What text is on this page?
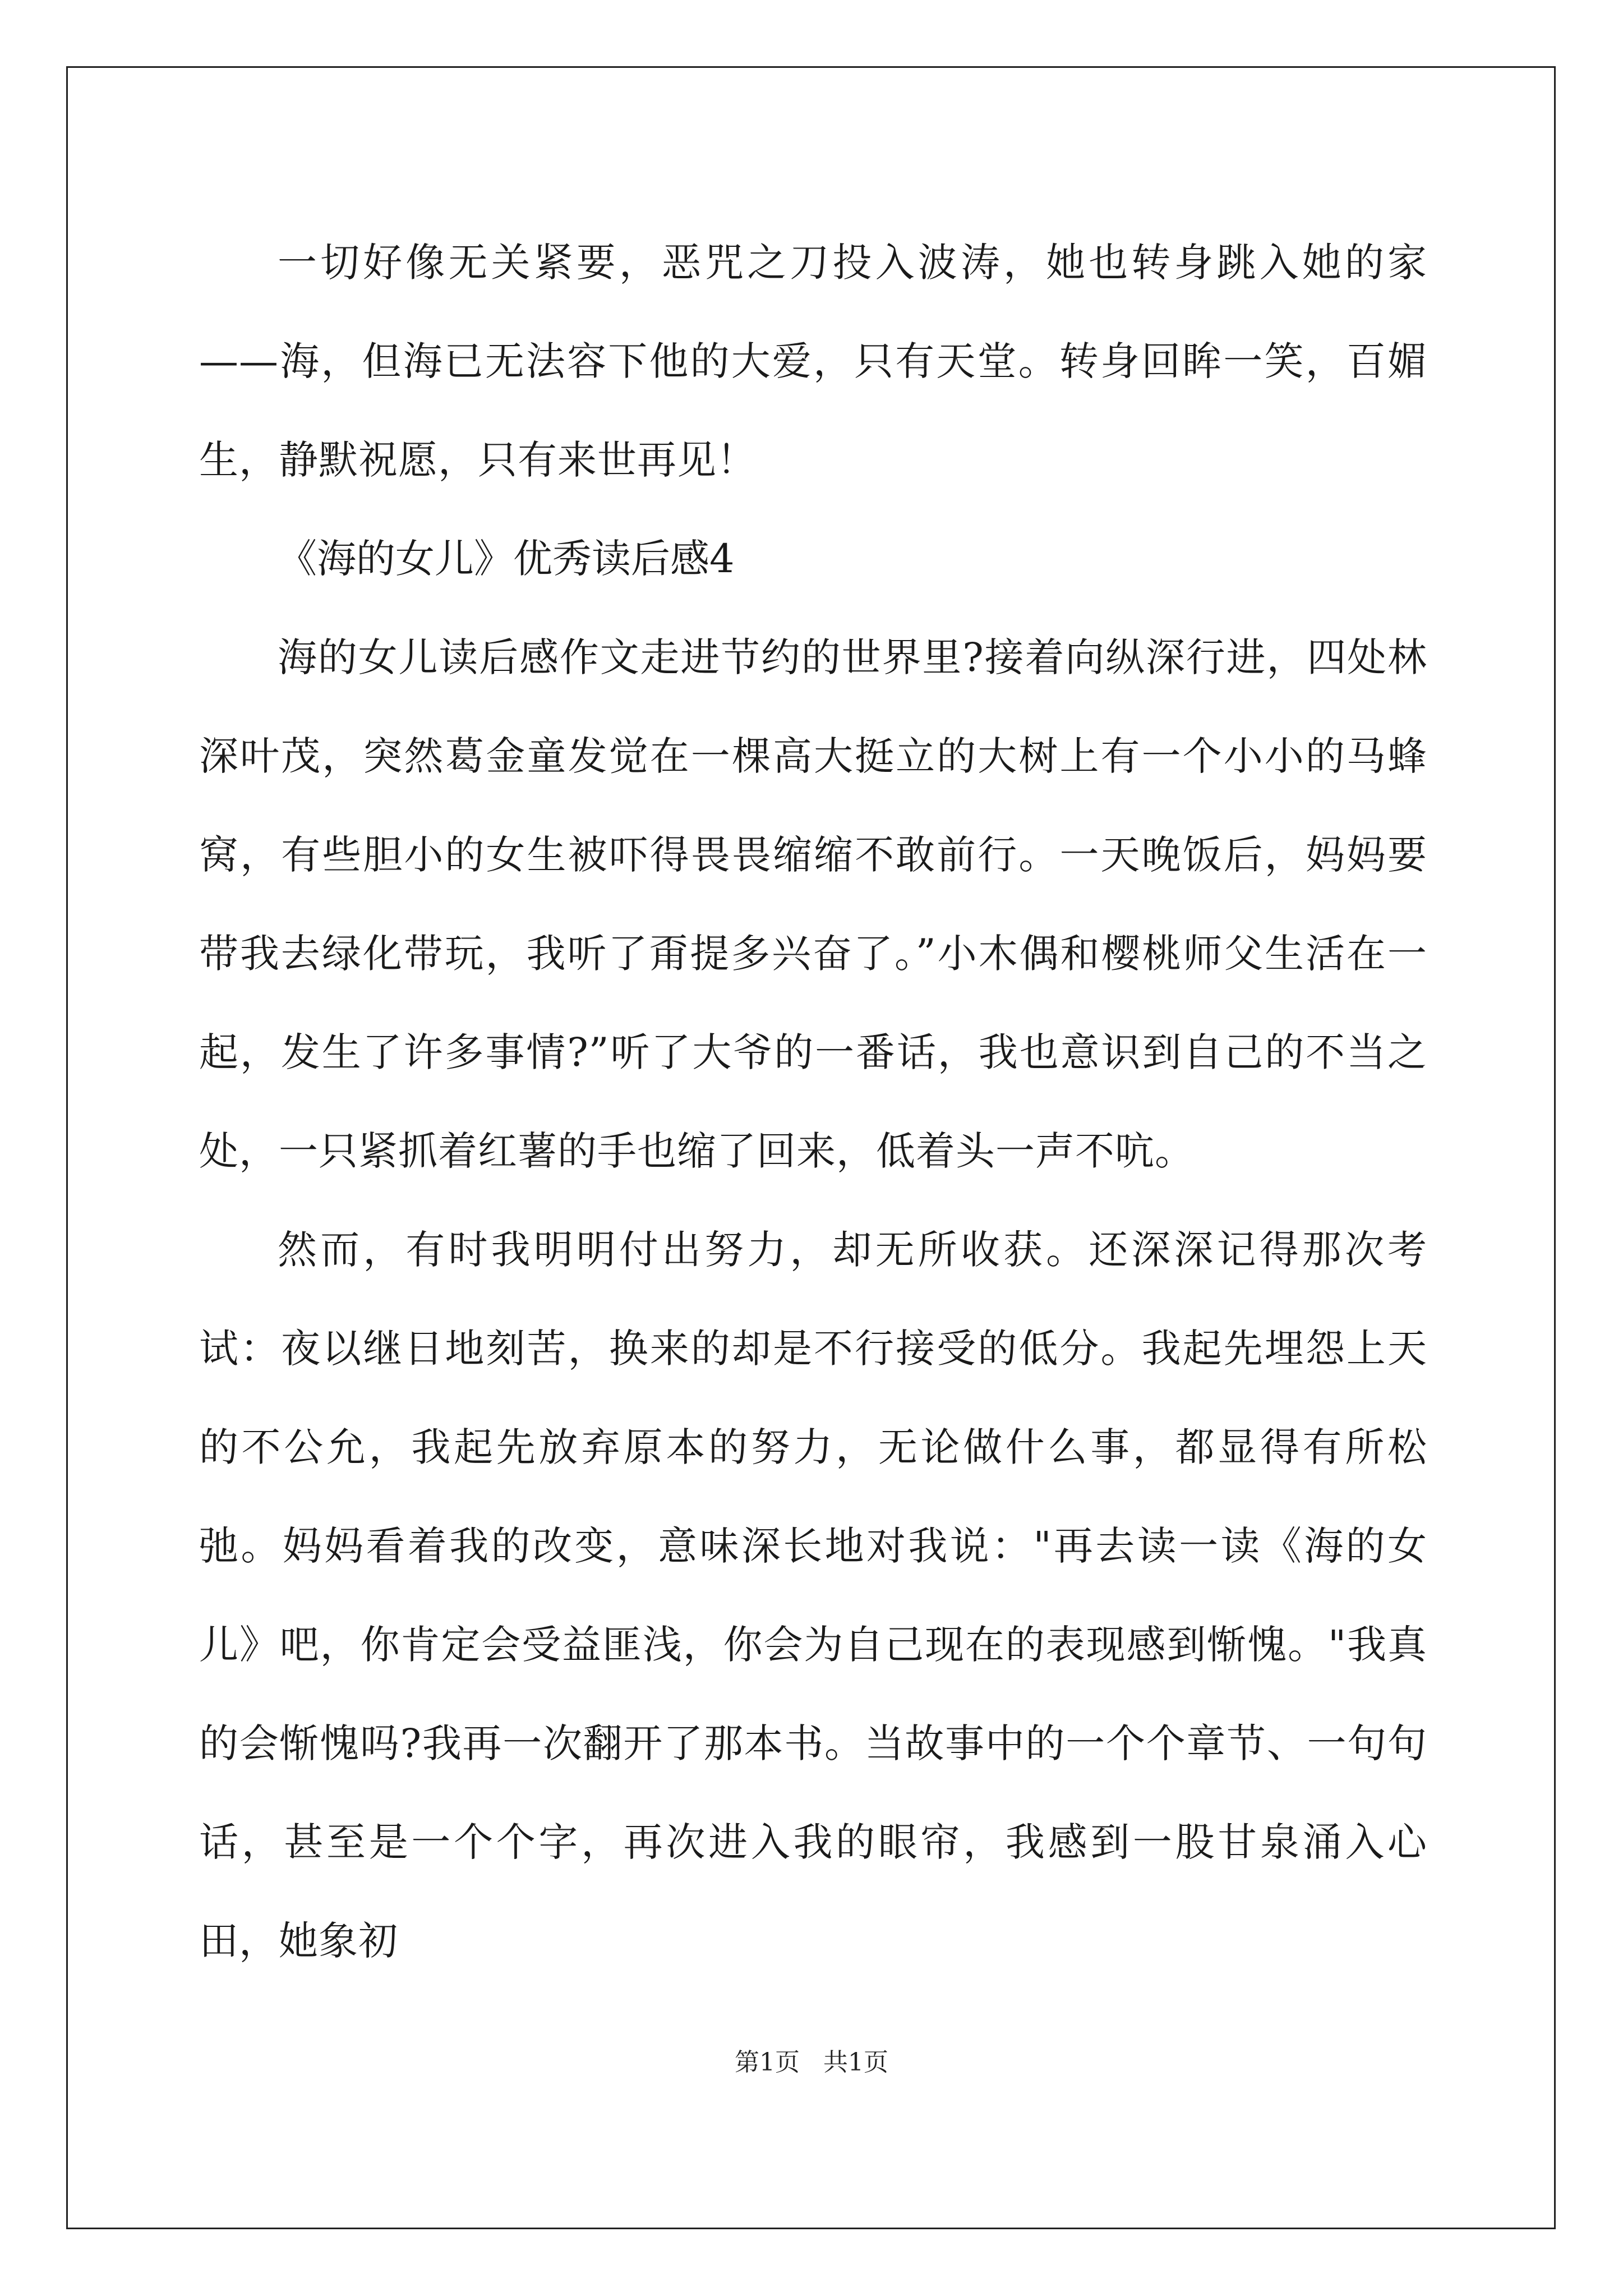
一切好像无关紧要，恶咒之刀投入波涛，她也转身跳入她的家——海，但海已无法容下他的大爱，只有天堂。转身回眸一笑，百媚生，静默祝愿，只有来世再见！

《海的女儿》优秀读后感4

海的女儿读后感作文走进节约的世界里?接着向纵深行进，四处林深叶茂，突然葛金童发觉在一棵高大挺立的大树上有一个小小的马蜂窝，有些胆小的女生被吓得畏畏缩缩不敢前行。一天晚饭后，妈妈要带我去绿化带玩，我听了甭提多兴奋了。”小木偶和樱桃师父生活在一起，发生了许多事情?”听了大爷的一番话，我也意识到自己的不当之处，一只紧抓着红薯的手也缩了回来，低着头一声不吭。

然而，有时我明明付出努力，却无所收获。还深深记得那次考试：夜以继日地刻苦，换来的却是不行接受的低分。我起先埋怨上天的不公允，我起先放弃原本的努力，无论做什么事，都显得有所松弛。妈妈看着我的改变，意味深长地对我说："再去读一读《海的女儿》吧，你肯定会受益匪浅，你会为自己现在的表现感到惭愧。"我真的会惭愧吗?我再一次翻开了那本书。当故事中的一个个章节、一句句话，甚至是一个个字，再次进入我的眼帘，我感到一股甘泉涌入心田，她象初

第1页   共1页
